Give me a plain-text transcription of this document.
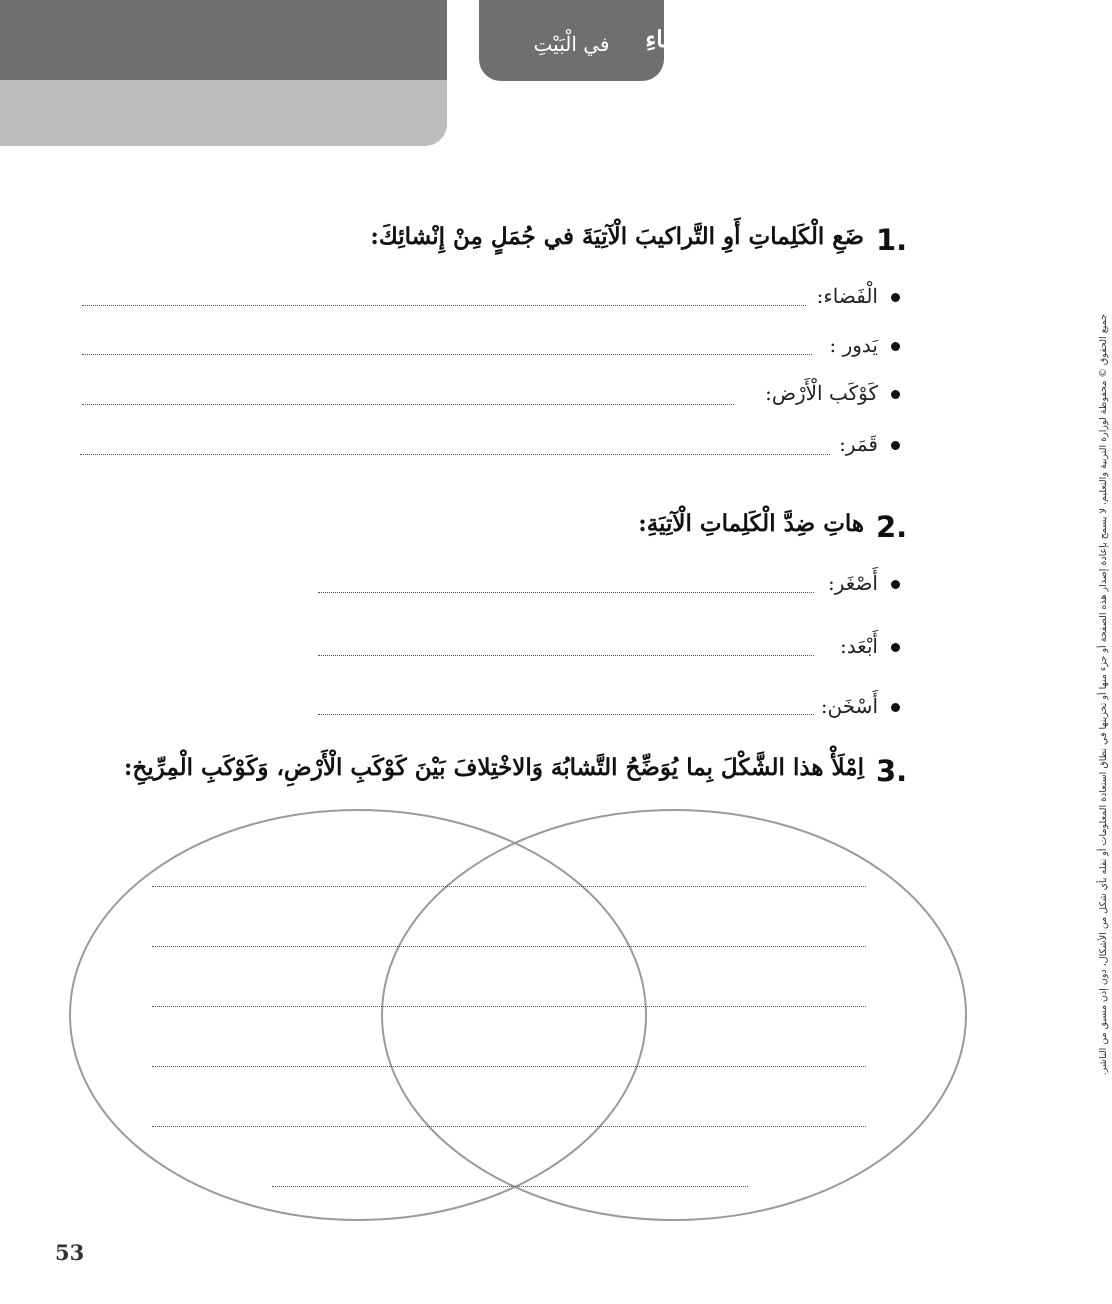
الْوَحْدَةُ السّابِعَةُ: أُسافِرُ إِلى الفَضاءِ
النَّصُ الرَّديفُ: مَجْموعَتُنا الشَّمْسِيَّةُ الَّتي تَسْبَحُ في الْفَضاءِ
في الْبَيْتِ
1.
ضَعِ الْكَلِماتِ أَوِ التَّراكيبَ الْآتِيَةَ في جُمَلٍ مِنْ إِنْشائِكَ:
الْفَضاء:
يَدور :
كَوْكَب الْأَرْض:
قَمَر:
2.
هاتِ ضِدَّ الْكَلِماتِ الْآتِيَةِ:
أَصْغَر:
أَبْعَد:
أَسْخَن:
3.
اِمْلَأْ هذا الشَّكْلَ بِما يُوَضِّحُ التَّشابُهَ وَالاخْتِلافَ بَيْنَ كَوْكَبِ الْأَرْضِ، وَكَوْكَبِ الْمِرِّيخِ:	جميع الحقوق © محفوظة لوزارة التربية والتعليم. لا يسمح بإعادة إصدار هذه الصفحة أو جزء منها أو تخزينها في نطاق استعادة المعلومات أو نقله بأي شكل من الأشكال، دون إذن مسبق من الناشر.
53
